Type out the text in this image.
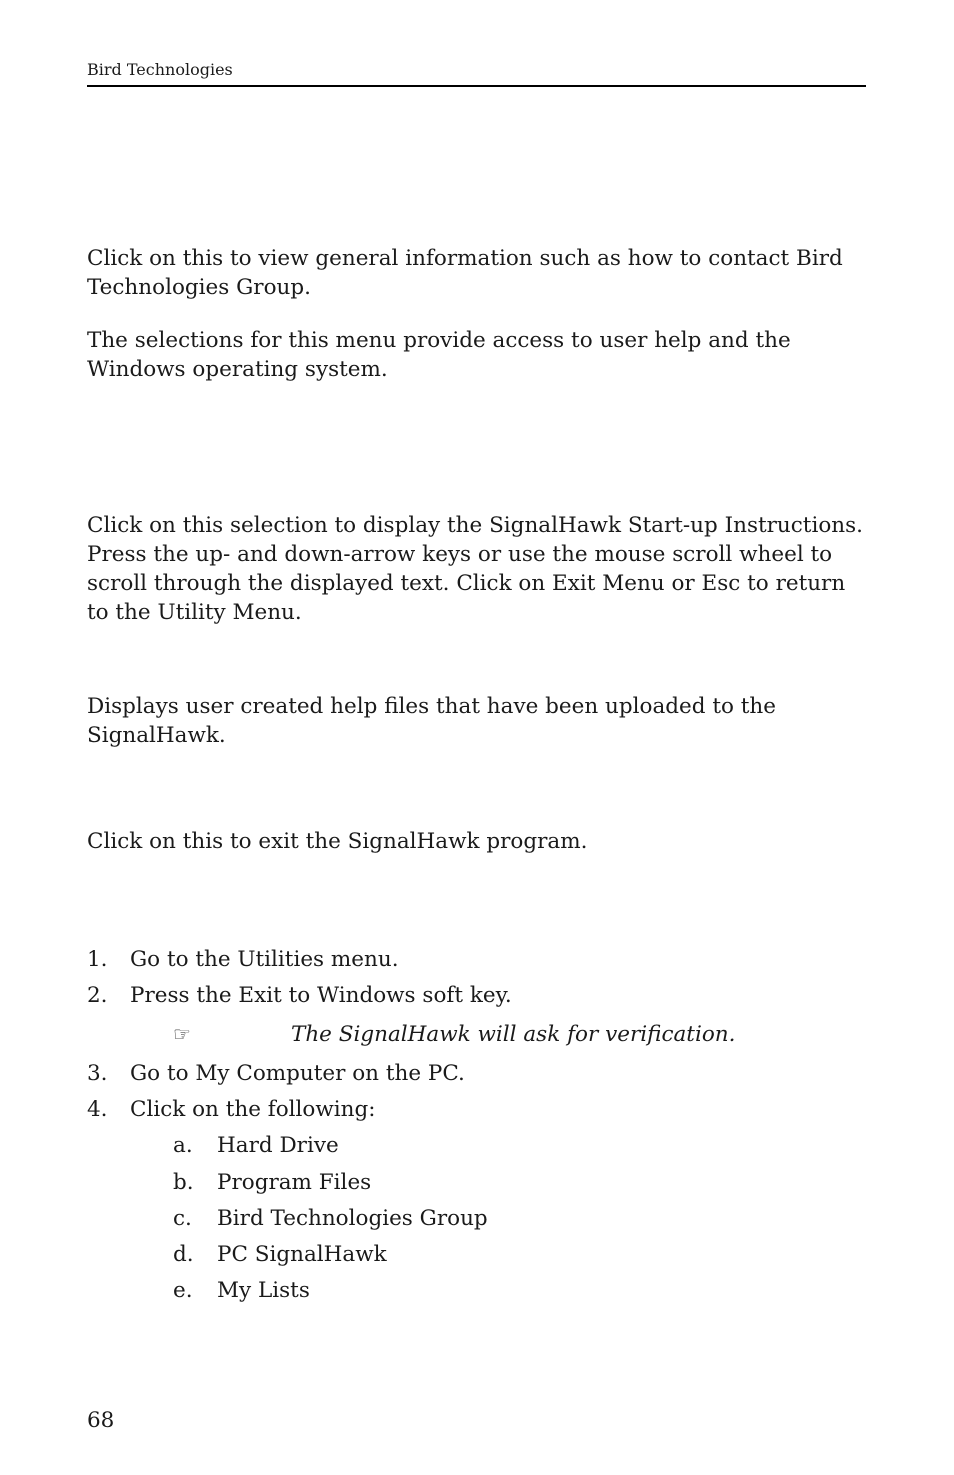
Bird Technologies

Click on this to view general information such as how to contact Bird Technologies Group.

The selections for this menu provide access to user help and the Windows operating system.

Click on this selection to display the SignalHawk Start-up Instructions. Press the up- and down-arrow keys or use the mouse scroll wheel to scroll through the displayed text. Click on Exit Menu or Esc to return to the Utility Menu.

Displays user created help files that have been uploaded to the SignalHawk.

Click on this to exit the SignalHawk program.

1. Go to the Utilities menu.
2. Press the Exit to Windows soft key.
☞	The SignalHawk will ask for verification.
3. Go to My Computer on the PC.
4. Click on the following:
a. Hard Drive
b. Program Files
c. Bird Technologies Group
d. PC SignalHawk
e. My Lists
68
